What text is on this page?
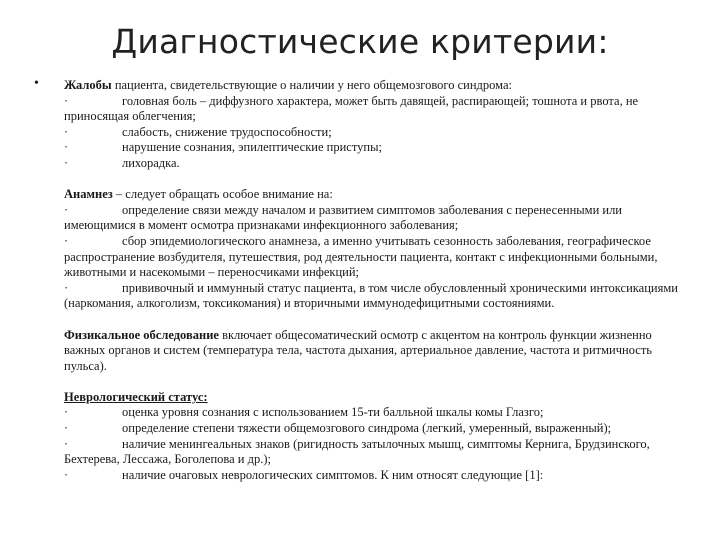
Диагностические критерии:
• Жалобы пациента, свидетельствующие о наличии у него общемозгового синдрома:
·	головная боль – диффузного характера, может быть давящей, распирающей; тошнота и рвота, не приносящая облегчения;
·	слабость, снижение трудоспособности;
·	нарушение сознания, эпилептические приступы;
·	лихорадка.
Анамнез – следует обращать особое внимание на:
·	определение связи между началом и развитием симптомов заболевания с перенесенными или имеющимися в момент осмотра признаками инфекционного заболевания;
·	сбор эпидемиологического анамнеза, а именно учитывать сезонность заболевания, географическое распространение возбудителя, путешествия, род деятельности пациента, контакт с инфекционными больными, животными и насекомыми – переносчиками инфекций;
·	прививочный и иммунный статус пациента, в том числе обусловленный хроническими интоксикациями (наркомания, алкоголизм, токсикомания) и вторичными иммунодефицитными состояниями.
Физикальное обследование включает общесоматический осмотр с акцентом на контроль функции жизненно важных органов и систем (температура тела, частота дыхания, артериальное давление, частота и ритмичность пульса).
Неврологический статус:
·	оценка уровня сознания с использованием 15-ти балльной шкалы комы Глазго;
·	определение степени тяжести общемозгового синдрома (легкий, умеренный, выраженный);
·	наличие менингеальных знаков (ригидность затылочных мышц, симптомы Кернига, Брудзинского, Бехтерева, Лессажа, Боголепова и др.);
·	наличие очаговых неврологических симптомов. К ним относят следующие [1]:
